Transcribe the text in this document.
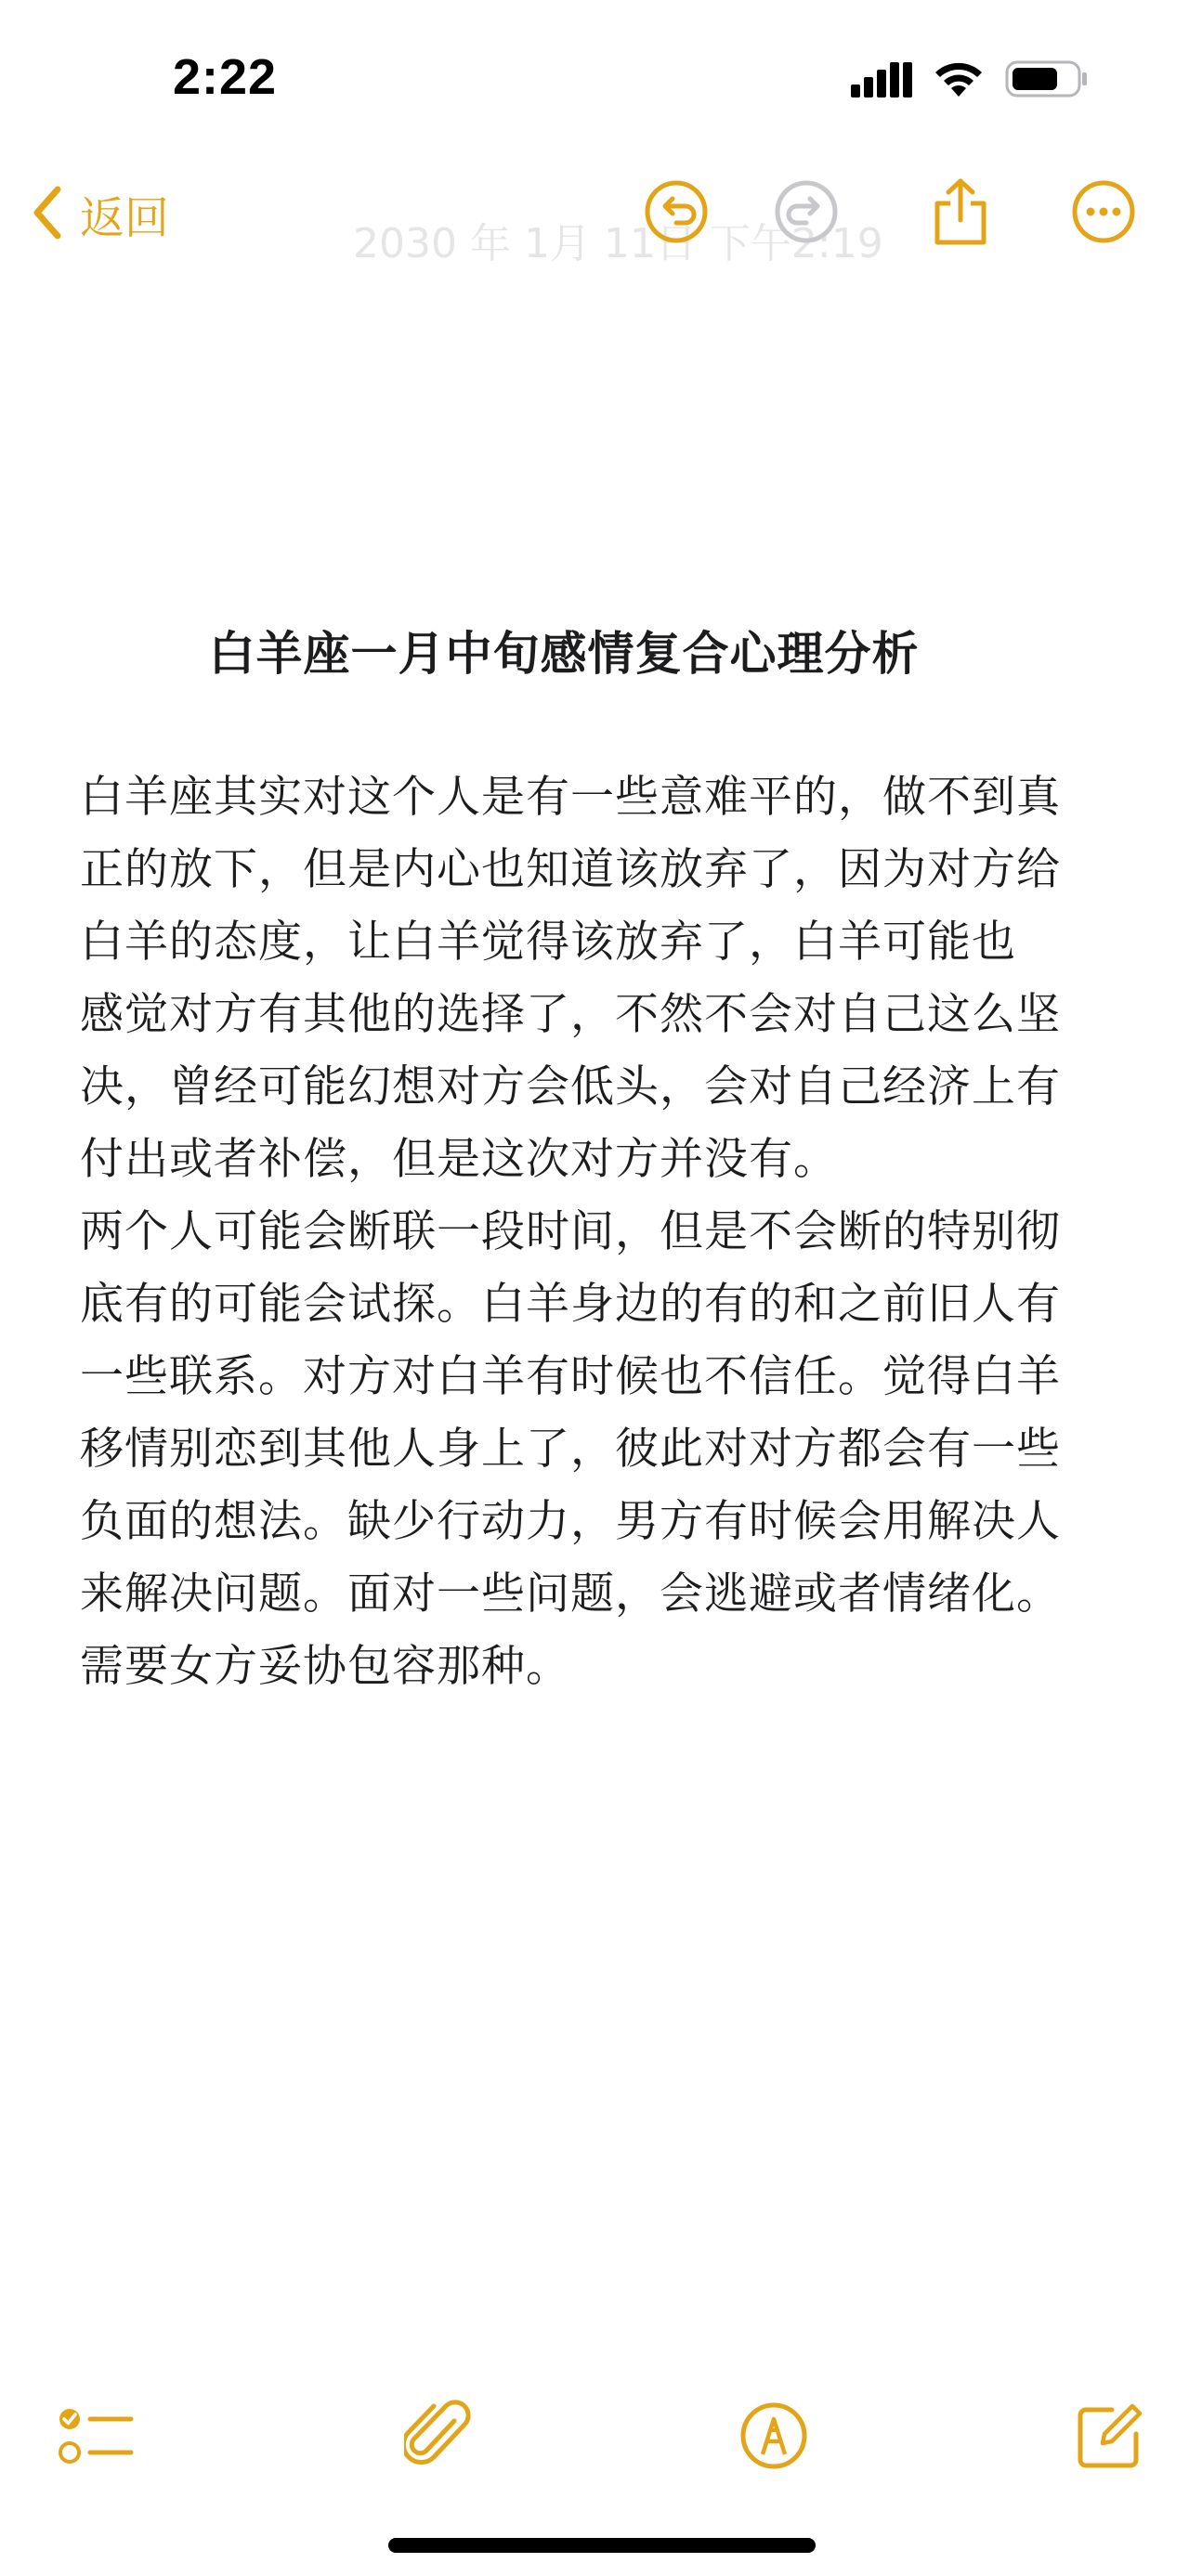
2:22
返回	2030 年 1月 11日 下午2:19
白羊座一月中旬感情复合心理分析
白羊座其实对这个人是有一些意难平的，做不到真
正的放下，但是内心也知道该放弃了，因为对方给
白羊的态度，让白羊觉得该放弃了，白羊可能也
感觉对方有其他的选择了，不然不会对自己这么坚
决，曾经可能幻想对方会低头，会对自己经济上有
付出或者补偿，但是这次对方并没有。
两个人可能会断联一段时间，但是不会断的特别彻
底有的可能会试探。白羊身边的有的和之前旧人有
一些联系。对方对白羊有时候也不信任。觉得白羊
移情别恋到其他人身上了，彼此对对方都会有一些
负面的想法。缺少行动力，男方有时候会用解决人
来解决问题。面对一些问题，会逃避或者情绪化。
需要女方妥协包容那种。
